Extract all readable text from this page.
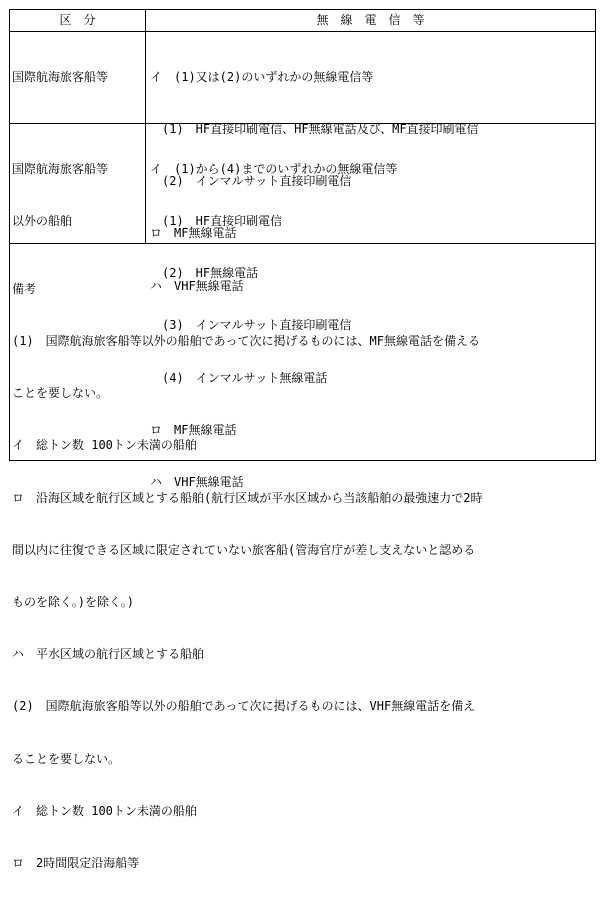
区　分

	無　線　電　信　等

国際航海旅客船等

	イ　(1)又は(2)のいずれかの無線電信等

　(1)　HF直接印刷電信、HF無線電話及び、MF直接印刷電信

　(2)　インマルサット直接印刷電信

ロ　MF無線電話

ハ　VHF無線電話

国際航海旅客船等

以外の船舶

イ　(1)から(4)までのいずれかの無線電信等

　(1)　HF直接印刷電信

　(2)　HF無線電話

　(3)　インマルサット直接印刷電信

　(4)　インマルサット無線電話

ロ　MF無線電話

ハ　VHF無線電話

備考

(1)　国際航海旅客船等以外の船舶であって次に掲げるものには、MF無線電話を備える

ことを要しない。

イ　総トン数 100トン未満の船舶

ロ　沿海区域を航行区域とする船舶(航行区域が平水区域から当該船舶の最強速力で2時

間以内に往復できる区域に限定されていない旅客船(管海官庁が差し支えないと認める

ものを除く。)を除く。)

ハ　平水区域の航行区域とする船舶

(2)　国際航海旅客船等以外の船舶であって次に掲げるものには、VHF無線電話を備え

ることを要しない。

イ　総トン数 100トン未満の船舶

ロ　2時間限定沿海船等
